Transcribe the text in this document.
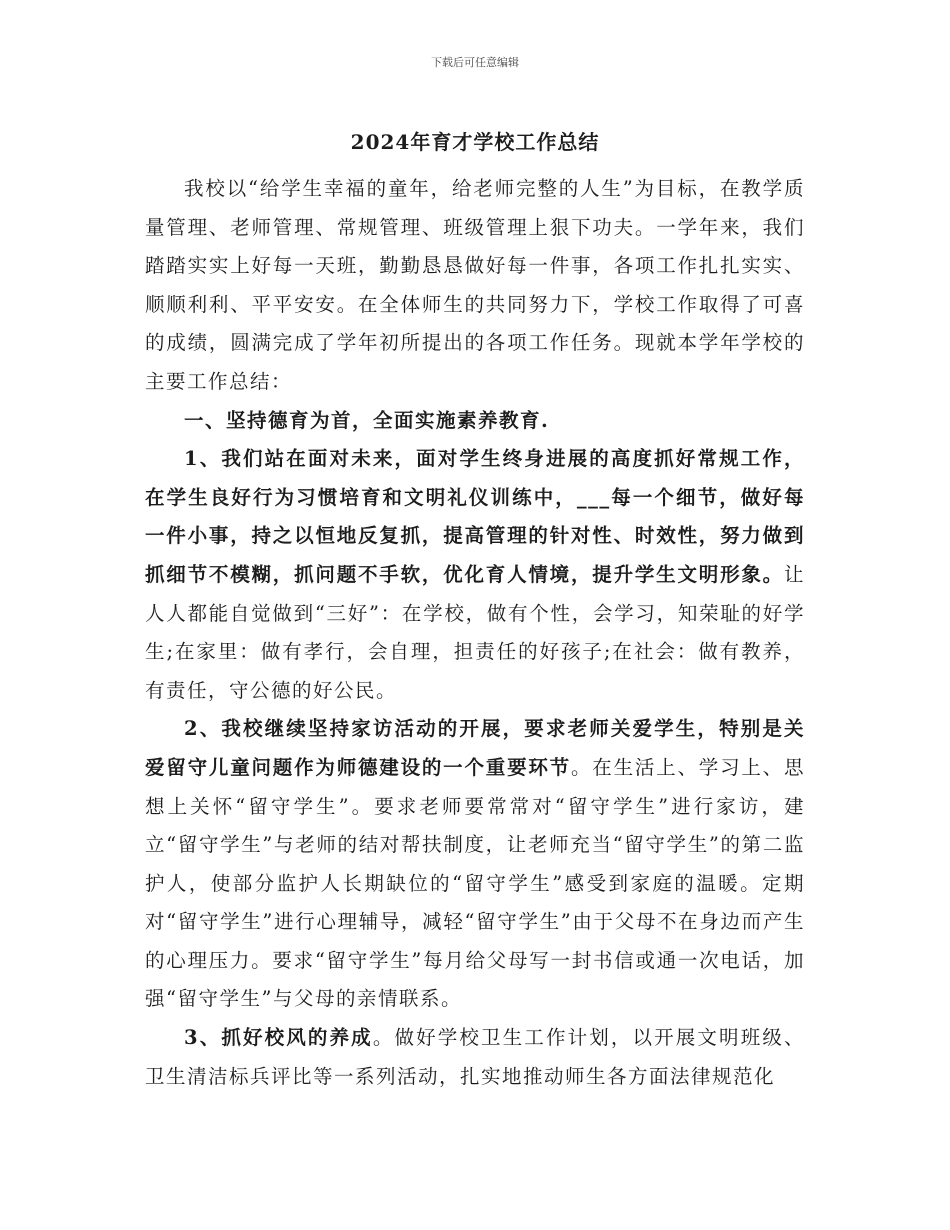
下载后可任意编辑
2024年育才学校工作总结

我校以“给学生幸福的童年，给老师完整的人生”为目标，在教学质量管理、老师管理、常规管理、班级管理上狠下功夫。一学年来，我们踏踏实实上好每一天班，勤勤恳恳做好每一件事，各项工作扎扎实实、顺顺利利、平平安安。在全体师生的共同努力下，学校工作取得了可喜的成绩，圆满完成了学年初所提出的各项工作任务。现就本学年学校的主要工作总结：

一、坚持德育为首，全面实施素养教育.

1、我们站在面对未来，面对学生终身进展的高度抓好常规工作，在学生良好行为习惯培育和文明礼仪训练中，___每一个细节，做好每一件小事，持之以恒地反复抓，提高管理的针对性、时效性，努力做到抓细节不模糊，抓问题不手软，优化育人情境，提升学生文明形象。让人人都能自觉做到“三好”：在学校，做有个性，会学习，知荣耻的好学生;在家里：做有孝行，会自理，担责任的好孩子;在社会：做有教养，有责任，守公德的好公民。

2、我校继续坚持家访活动的开展，要求老师关爱学生，特别是关爱留守儿童问题作为师德建设的一个重要环节。在生活上、学习上、思想上关怀“留守学生”。要求老师要常常对“留守学生”进行家访，建立“留守学生”与老师的结对帮扶制度，让老师充当“留守学生”的第二监护人，使部分监护人长期缺位的“留守学生”感受到家庭的温暖。定期对“留守学生”进行心理辅导，减轻“留守学生”由于父母不在身边而产生的心理压力。要求“留守学生”每月给父母写一封书信或通一次电话，加强“留守学生”与父母的亲情联系。

3、抓好校风的养成。做好学校卫生工作计划，以开展文明班级、卫生清洁标兵评比等一系列活动，扎实地推动师生各方面法律规范化
